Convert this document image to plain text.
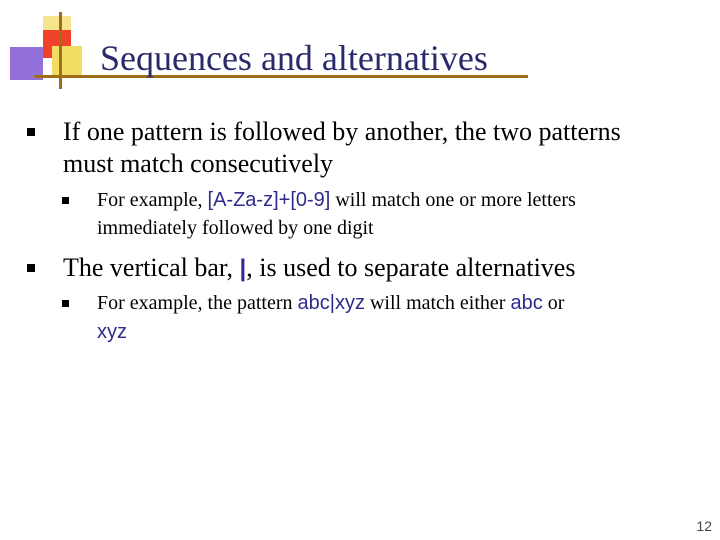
Sequences and alternatives
If one pattern is followed by another, the two patterns
must match consecutively
For example, [A-Za-z]+[0-9] will match one or more letters
immediately followed by one digit
The vertical bar, |, is used to separate alternatives
For example, the pattern abc|xyz will match either abc or
xyz
12
